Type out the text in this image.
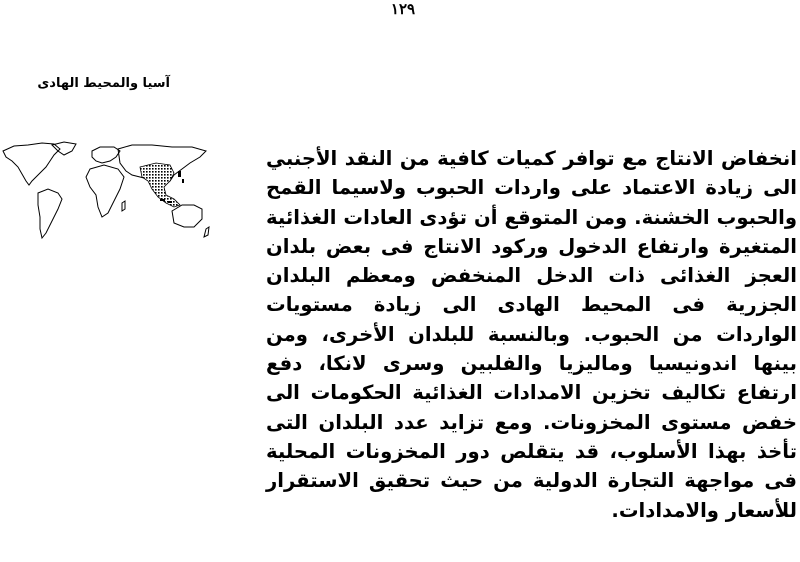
١٢٩
آسيا والمحيط الهادى

انخفاض الانتاج مع توافر كميات كافية من النقد الأجنبي الى زيادة الاعتماد على واردات الحبوب ولاسيما القمح والحبوب الخشنة. ومن المتوقع أن تؤدى العادات الغذائية المتغيرة وارتفاع الدخول وركود الانتاج فى بعض بلدان العجز الغذائى ذات الدخل المنخفض ومعظم البلدان الجزرية فى المحيط الهادى الى زيادة مستويات الواردات من الحبوب. وبالنسبة للبلدان الأخرى، ومن بينها اندونيسيا وماليزيا والفلبين وسرى لانكا، دفع ارتفاع تكاليف تخزين الامدادات الغذائية الحكومات الى خفض مستوى المخزونات. ومع تزايد عدد البلدان التى تأخذ بهذا الأسلوب، قد يتقلص دور المخزونات المحلية فى مواجهة التجارة الدولية من حيث تحقيق الاستقرار للأسعار والامدادات.
